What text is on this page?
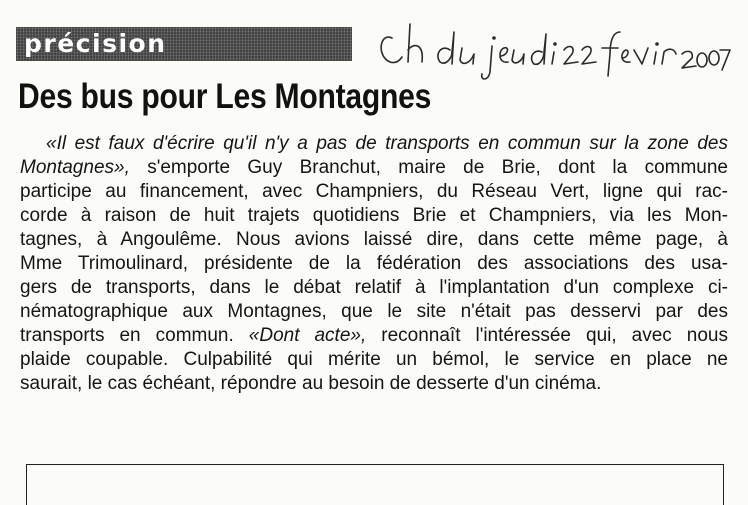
précision
Des bus pour Les Montagnes
«Il est faux d'écrire qu'il n'y a pas de transports en commun sur la zone des
Montagnes», s'emporte Guy Branchut, maire de Brie, dont la commune
participe au financement, avec Champniers, du Réseau Vert, ligne qui rac-
corde à raison de huit trajets quotidiens Brie et Champniers, via les Mon-
tagnes, à Angoulême. Nous avions laissé dire, dans cette même page, à
Mme Trimoulinard, présidente de la fédération des associations des usa-
gers de transports, dans le débat relatif à l'implantation d'un complexe ci-
nématographique aux Montagnes, que le site n'était pas desservi par des
transports en commun. «Dont acte», reconnaît l'intéressée qui, avec nous
plaide coupable. Culpabilité qui mérite un bémol, le service en place ne
saurait, le cas échéant, répondre au besoin de desserte d'un cinéma.
